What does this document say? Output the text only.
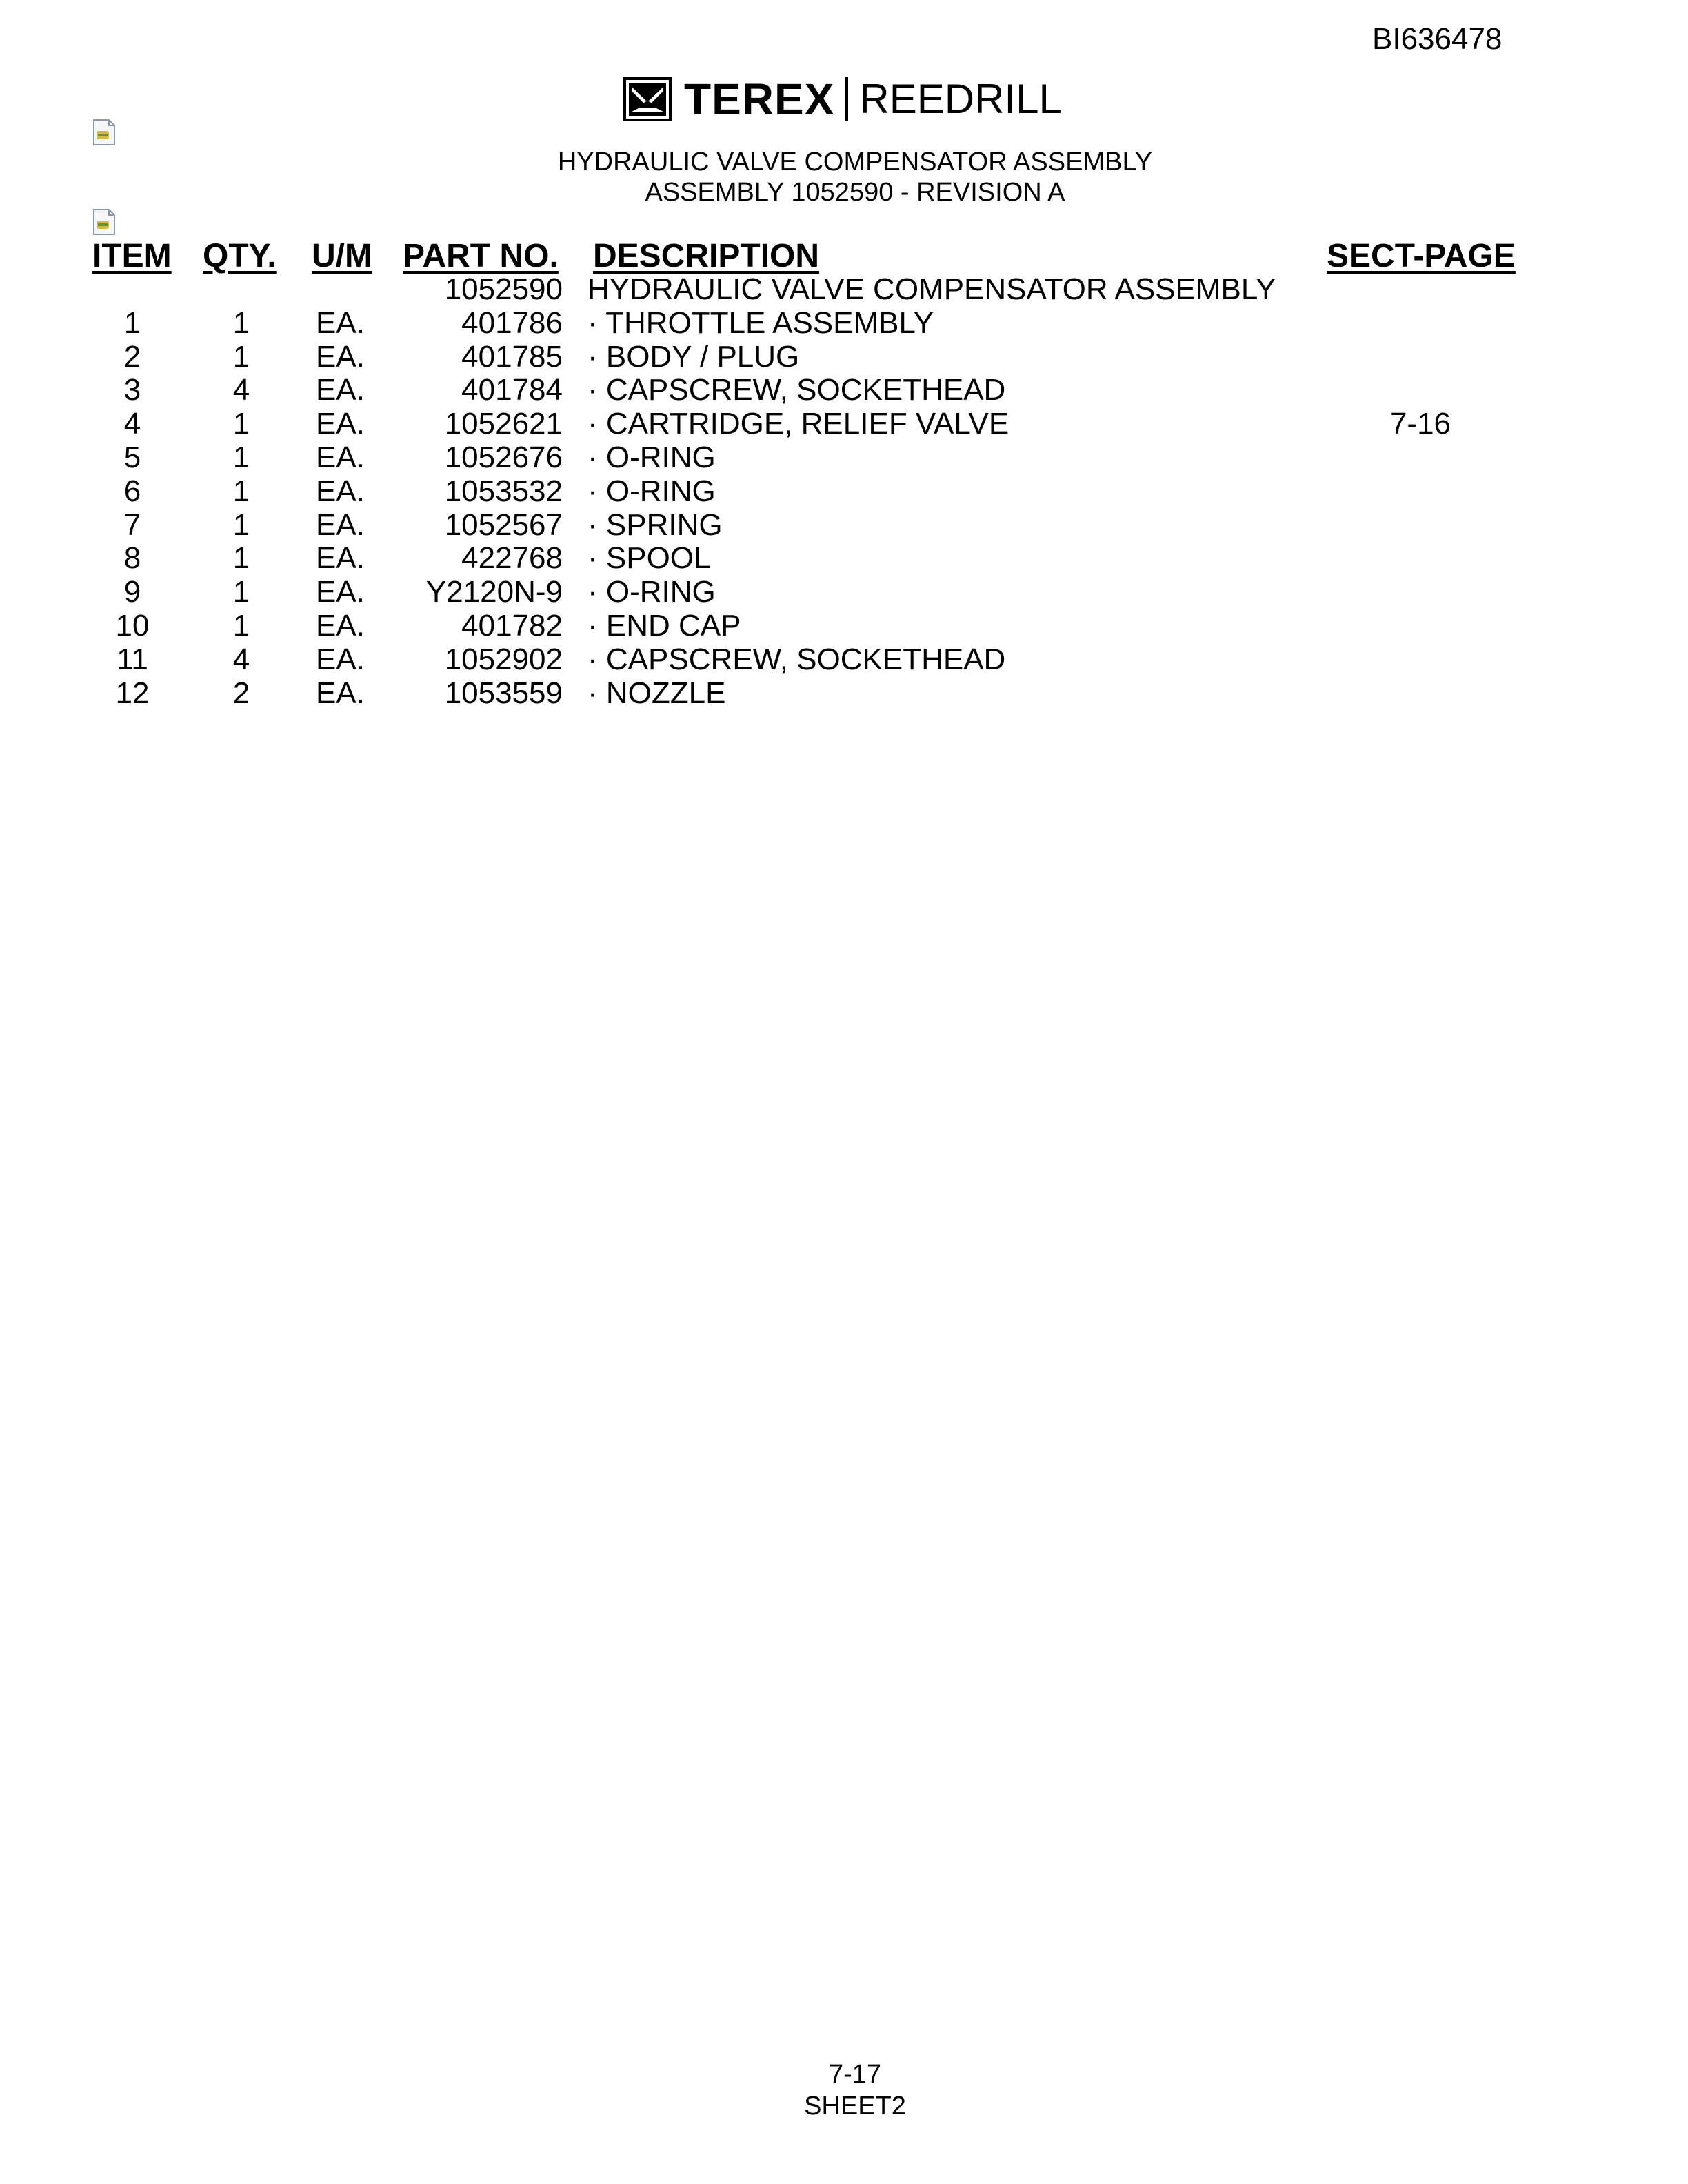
BI636478
TEREX REEDRILL
HYDRAULIC VALVE COMPENSATOR ASSEMBLY
ASSEMBLY 1052590 - REVISION A
ITEM QTY. U/M PART NO. DESCRIPTION	SECT-PAGE
1052590 HYDRAULIC VALVE COMPENSATOR ASSEMBLY
1	1	EA.	401786 · THROTTLE ASSEMBLY
2	1	EA.	401785 · BODY / PLUG
3	4	EA.	401784 · CAPSCREW, SOCKETHEAD
4	1	EA.	1052621 · CARTRIDGE, RELIEF VALVE	7-16
5	1	EA.	1052676 · O-RING
6	1	EA.	1053532 · O-RING
7	1	EA.	1052567 · SPRING
8	1	EA.	422768 · SPOOL
9	1	EA.	Y2120N-9 · O-RING
10	1	EA.	401782 · END CAP
11	4	EA.	1052902 · CAPSCREW, SOCKETHEAD
12	2	EA.	1053559 · NOZZLE
7-17
SHEET2
